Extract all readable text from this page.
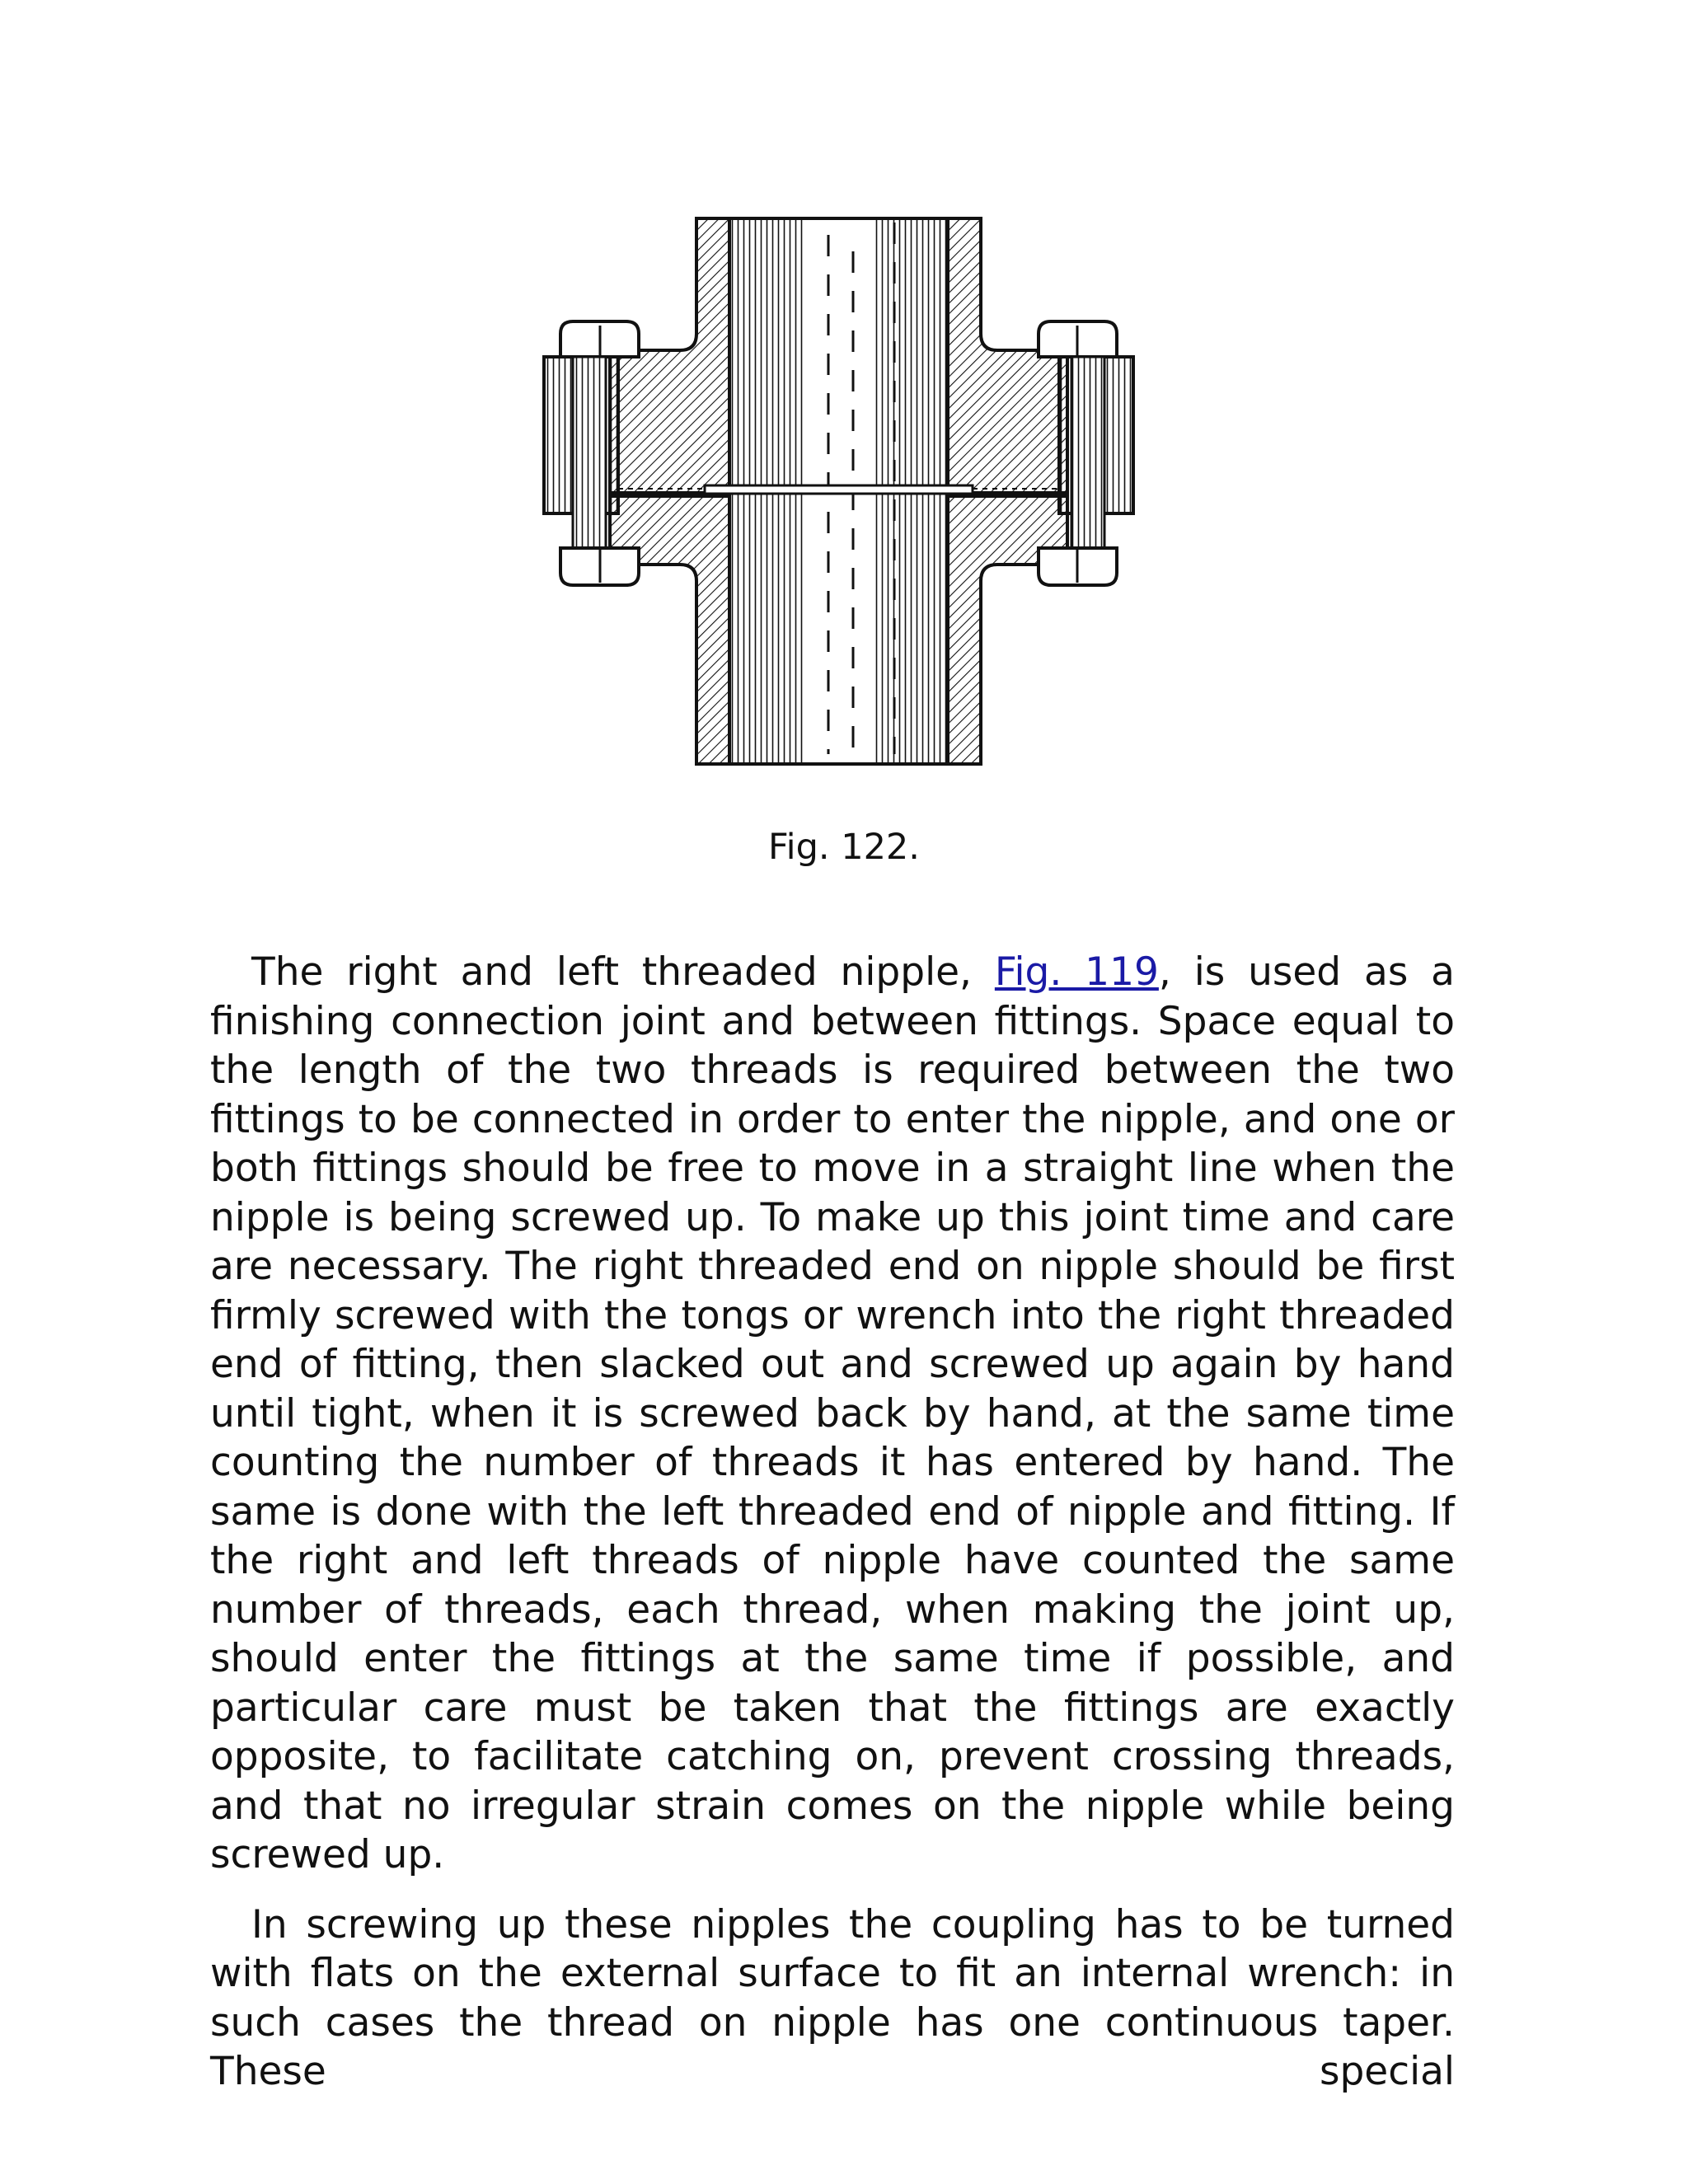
Fig. 122.

The right and left threaded nipple, Fig. 119, is used as a finishing connection joint and between fittings. Space equal to the length of the two threads is required between the two fittings to be connected in order to enter the nipple, and one or both fittings should be free to move in a straight line when the nipple is being screwed up. To make up this joint time and care are necessary. The right threaded end on nipple should be first firmly screwed with the tongs or wrench into the right threaded end of fitting, then slacked out and screwed up again by hand until tight, when it is screwed back by hand, at the same time counting the number of threads it has entered by hand. The same is done with the left threaded end of nipple and fitting. If the right and left threads of nipple have counted the same number of threads, each thread, when making the joint up, should enter the fittings at the same time if possible, and particular care must be taken that the fittings are exactly opposite, to facilitate catching on, prevent crossing threads, and that no irregular strain comes on the nipple while being screwed up.

In screwing up these nipples the coupling has to be turned with flats on the external surface to fit an internal wrench: in such cases the thread on nipple has one continuous taper. These special
